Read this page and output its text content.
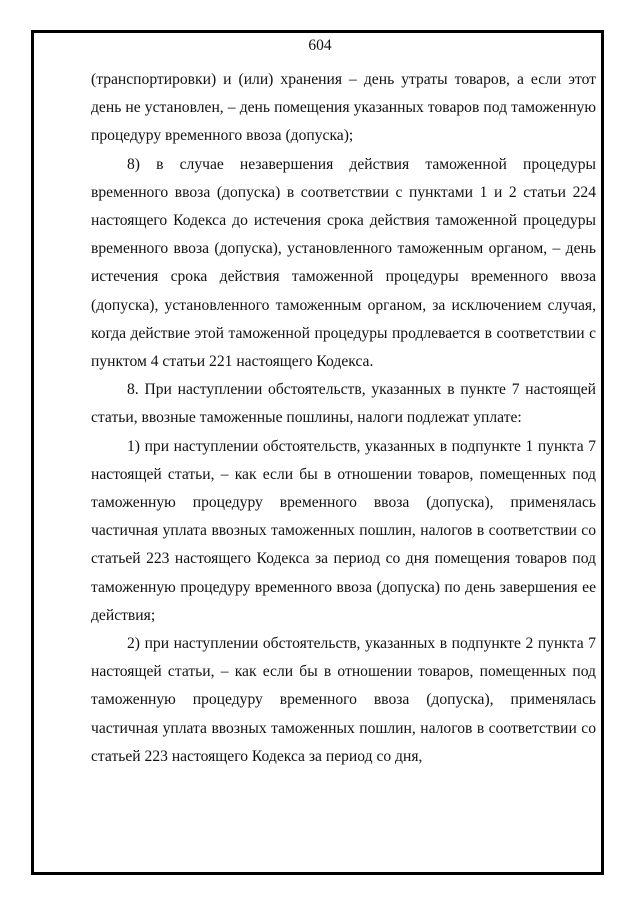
604

(транспортировки) и (или) хранения – день утраты товаров, а если этот день не установлен, – день помещения указанных товаров под таможенную процедуру временного ввоза (допуска);

8) в случае незавершения действия таможенной процедуры временного ввоза (допуска) в соответствии с пунктами 1 и 2 статьи 224 настоящего Кодекса до истечения срока действия таможенной процедуры временного ввоза (допуска), установленного таможенным органом, – день истечения срока действия таможенной процедуры временного ввоза (допуска), установленного таможенным органом, за исключением случая, когда действие этой таможенной процедуры продлевается в соответствии с пунктом 4 статьи 221 настоящего Кодекса.

8. При наступлении обстоятельств, указанных в пункте 7 настоящей статьи, ввозные таможенные пошлины, налоги подлежат уплате:

1) при наступлении обстоятельств, указанных в подпункте 1 пункта 7 настоящей статьи, – как если бы в отношении товаров, помещенных под таможенную процедуру временного ввоза (допуска), применялась частичная уплата ввозных таможенных пошлин, налогов в соответствии со статьей 223 настоящего Кодекса за период со дня помещения товаров под таможенную процедуру временного ввоза (допуска) по день завершения ее действия;

2) при наступлении обстоятельств, указанных в подпункте 2 пункта 7 настоящей статьи, – как если бы в отношении товаров, помещенных под таможенную процедуру временного ввоза (допуска), применялась частичная уплата ввозных таможенных пошлин, налогов в соответствии со статьей 223 настоящего Кодекса за период со дня,
